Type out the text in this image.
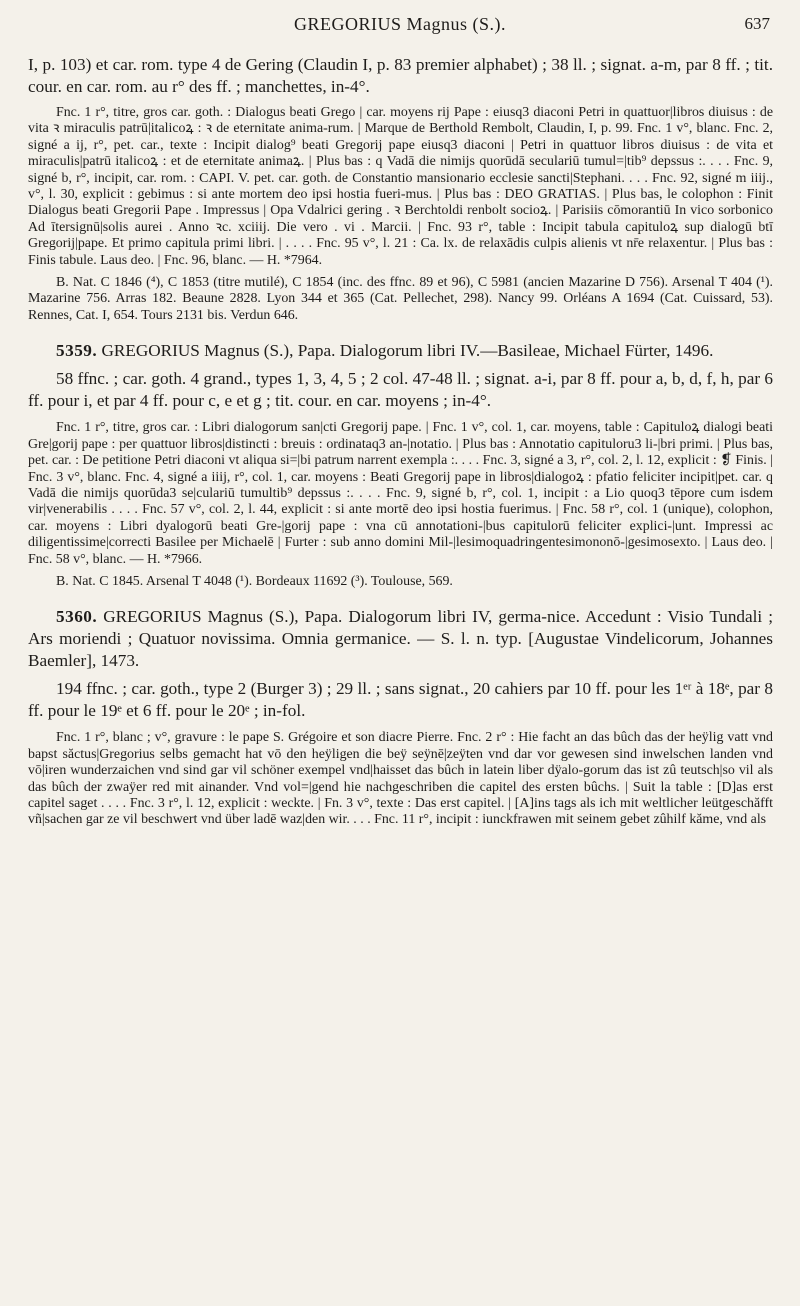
GREGORIUS Magnus (S.).	637

I, p. 103) et car. rom. type 4 de Gering (Claudin I, p. 83 premier alphabet) ; 38 ll. ; signat. a-m, par 8 ff. ; tit. cour. en car. rom. au r° des ff. ; manchettes, in-4°.

Fnc. 1 r°, titre, gros car. goth. : Dialogus beati Grego | car. moyens rij Pape : eiusq3 diaconi Petri in quattuor|libros diuisus : de vita ꝛ miraculis patrū|italicoꝝ : ꝛ de eternitate anima-rum. | Marque de Berthold Rembolt, Claudin, I, p. 99. Fnc. 1 v°, blanc. Fnc. 2, signé a ij, r°, pet. car., texte : Incipit dialog⁹ beati Gregorij pape eiusq3 diaconi | Petri in quattuor libros diuisus : de vita et miraculis|patrū italicoꝝ : et de eternitate animaꝝ. | Plus bas : q Vadā die nimijs quorūdā seculariū tumul=|tib⁹ depssus :. . . . Fnc. 9, signé b, r°, incipit, car. rom. : CAPI. V. pet. car. goth. de Constantio mansionario ecclesie sancti|Stephani. . . . Fnc. 92, signé m iiij., v°, l. 30, explicit : gebimus : si ante mortem deo ipsi hostia fueri-mus. | Plus bas : DEO GRATIAS. | Plus bas, le colophon : Finit Dialogus beati Gregorii Pape . Impressus | Opa Vdalrici gering . ꝛ Berchtoldi renbolt socioꝝ. | Parisiis cōmorantiū In vico sorbonico Ad ītersignū|solis aurei . Anno ꝛc. xciiij. Die vero . vi . Marcii. | Fnc. 93 r°, table : Incipit tabula capituloꝝ sup dialogū btī Gregorij|pape. Et primo capitula primi libri. | . . . . Fnc. 95 v°, l. 21 : Ca. lx. de relaxādis culpis alienis vt nr̄e relaxentur. | Plus bas : Finis tabule. Laus deo. | Fnc. 96, blanc. — H. *7964.

B. Nat. C 1846 (⁴), C 1853 (titre mutilé), C 1854 (inc. des ffnc. 89 et 96), C 5981 (ancien Mazarine D 756). Arsenal T 404 (¹). Mazarine 756. Arras 182. Beaune 2828. Lyon 344 et 365 (Cat. Pellechet, 298). Nancy 99. Orléans A 1694 (Cat. Cuissard, 53). Rennes, Cat. I, 654. Tours 2131 bis. Verdun 646.

5359. GREGORIUS Magnus (S.), Papa. Dialogorum libri IV.—Basileae, Michael Fürter, 1496.

58 ffnc. ; car. goth. 4 grand., types 1, 3, 4, 5 ; 2 col. 47-48 ll. ; signat. a-i, par 8 ff. pour a, b, d, f, h, par 6 ff. pour i, et par 4 ff. pour c, e et g ; tit. cour. en car. moyens ; in-4°.

Fnc. 1 r°, titre, gros car. : Libri dialogorum san|cti Gregorij pape. | Fnc. 1 v°, col. 1, car. moyens, table : Capituloꝝ dialogi beati Gre|gorij pape : per quattuor libros|distincti : breuis : ordinataq3 an-|notatio. | Plus bas : Annotatio capituloru3 li-|bri primi. | Plus bas, pet. car. : De petitione Petri diaconi vt aliqua si=|bi patrum narrent exempla :. . . . Fnc. 3, signé a 3, r°, col. 2, l. 12, explicit : ❡ Finis. | Fnc. 3 v°, blanc. Fnc. 4, signé a iiij, r°, col. 1, car. moyens : Beati Gregorij pape in libros|dialogoꝝ : pfatio feliciter incipit|pet. car. q Vadā die nimijs quorūda3 se|culariū tumultib⁹ depssus :. . . . Fnc. 9, signé b, r°, col. 1, incipit : a Lio quoq3 tēpore cum isdem vir|venerabilis . . . . Fnc. 57 v°, col. 2, l. 44, explicit : si ante mortē deo ipsi hostia fuerimus. | Fnc. 58 r°, col. 1 (unique), colophon, car. moyens : Libri dyalogorū beati Gre-|gorij pape : vna cū annotationi-|bus capitulorū feliciter explici-|unt. Impressi ac diligentissime|correcti Basilee per Michaelē | Furter : sub anno domini Mil-|lesimoquadringentesimononō-|gesimosexto. | Laus deo. | Fnc. 58 v°, blanc. — H. *7966.

B. Nat. C 1845. Arsenal T 4048 (¹). Bordeaux 11692 (³). Toulouse, 569.

5360. GREGORIUS Magnus (S.), Papa. Dialogorum libri IV, germa-nice. Accedunt : Visio Tundali ; Ars moriendi ; Quatuor novissima. Omnia germanice. — S. l. n. typ. [Augustae Vindelicorum, Johannes Baemler], 1473.

194 ffnc. ; car. goth., type 2 (Burger 3) ; 29 ll. ; sans signat., 20 cahiers par 10 ff. pour les 1ᵉʳ à 18ᵉ, par 8 ff. pour le 19ᵉ et 6 ff. pour le 20ᵉ ; in-fol.

Fnc. 1 r°, blanc ; v°, gravure : le pape S. Grégoire et son diacre Pierre. Fnc. 2 r° : Hie facht an das bûch das der heÿlig vatt vnd bapst săctus|Gregorius selbs gemacht hat vō den heÿligen die beÿ seÿnē|zeÿten vnd dar vor gewesen sind inwelschen landen vnd vō|iren wunderzaichen vnd sind gar vil schöner exempel vnd|haisset das bûch in latein liber dÿalo-gorum das ist zû teutsch|so vil als das bûch der zwaÿer red mit ainander. Vnd vol=|gend hie nachgeschriben die capitel des ersten bûchs. | Suit la table : [D]as erst capitel saget . . . . Fnc. 3 r°, l. 12, explicit : weckte. | Fn. 3 v°, texte : Das erst capitel. | [A]ins tags als ich mit weltlicher leütgeschăfft vñ|sachen gar ze vil beschwert vnd über ladē waz|den wir. . . . Fnc. 11 r°, incipit : iunckfrawen mit seinem gebet zûhilf kăme, vnd als
